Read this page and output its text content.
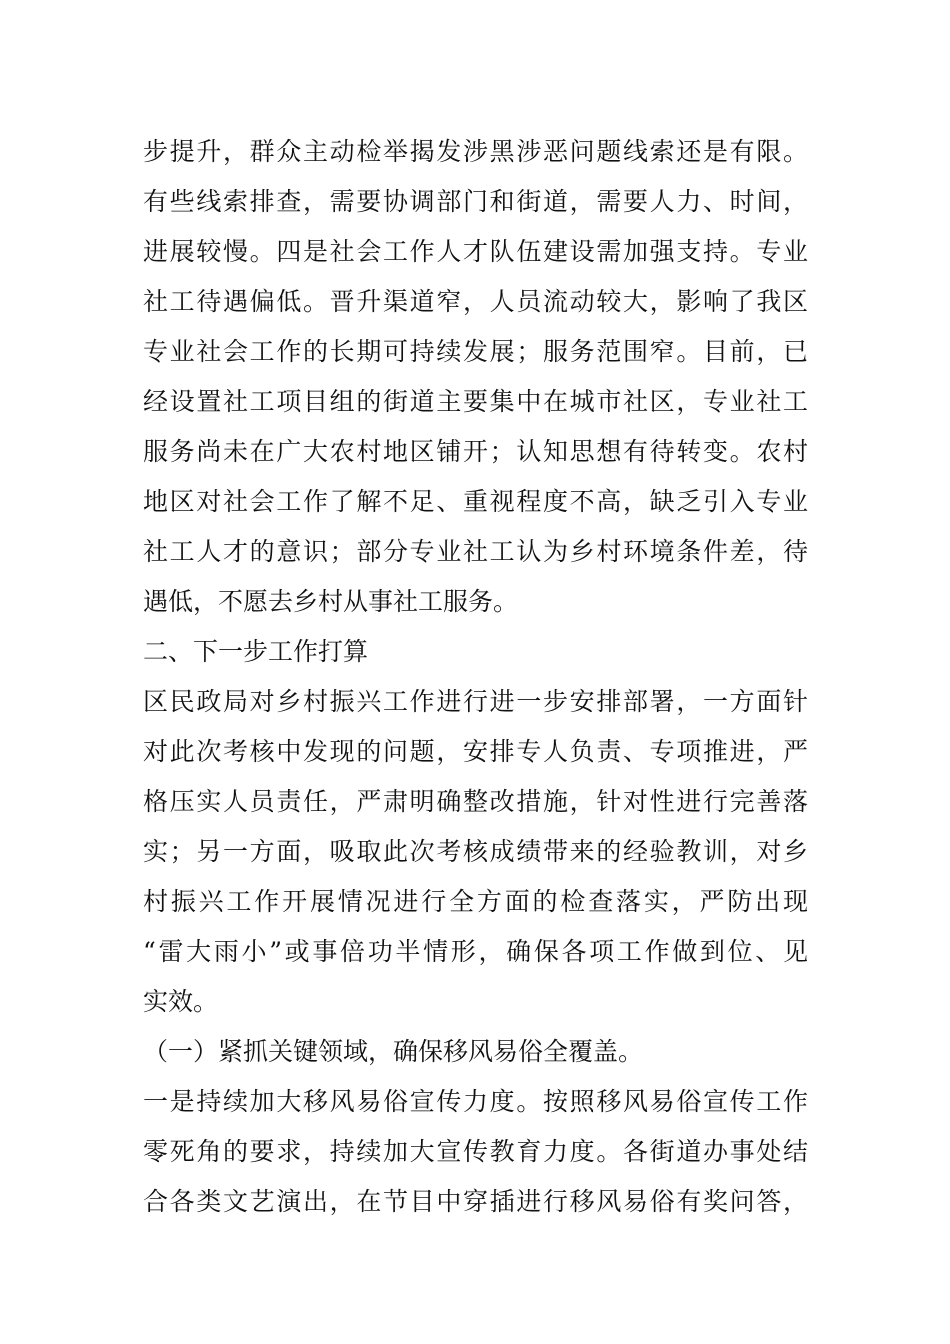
步提升，群众主动检举揭发涉黑涉恶问题线索还是有限。
有些线索排查，需要协调部门和街道，需要人力、时间，
进展较慢。四是社会工作人才队伍建设需加强支持。专业
社工待遇偏低。晋升渠道窄，人员流动较大，影响了我区
专业社会工作的长期可持续发展；服务范围窄。目前，已
经设置社工项目组的街道主要集中在城市社区，专业社工
服务尚未在广大农村地区铺开；认知思想有待转变。农村
地区对社会工作了解不足、重视程度不高，缺乏引入专业
社工人才的意识；部分专业社工认为乡村环境条件差，待
遇低，不愿去乡村从事社工服务。
二、下一步工作打算
区民政局对乡村振兴工作进行进一步安排部署，一方面针
对此次考核中发现的问题，安排专人负责、专项推进，严
格压实人员责任，严肃明确整改措施，针对性进行完善落
实；另一方面，吸取此次考核成绩带来的经验教训，对乡
村振兴工作开展情况进行全方面的检查落实，严防出现
“雷大雨小”或事倍功半情形，确保各项工作做到位、见
实效。
（一）紧抓关键领域，确保移风易俗全覆盖。
一是持续加大移风易俗宣传力度。按照移风易俗宣传工作
零死角的要求，持续加大宣传教育力度。各街道办事处结
合各类文艺演出，在节目中穿插进行移风易俗有奖问答，
